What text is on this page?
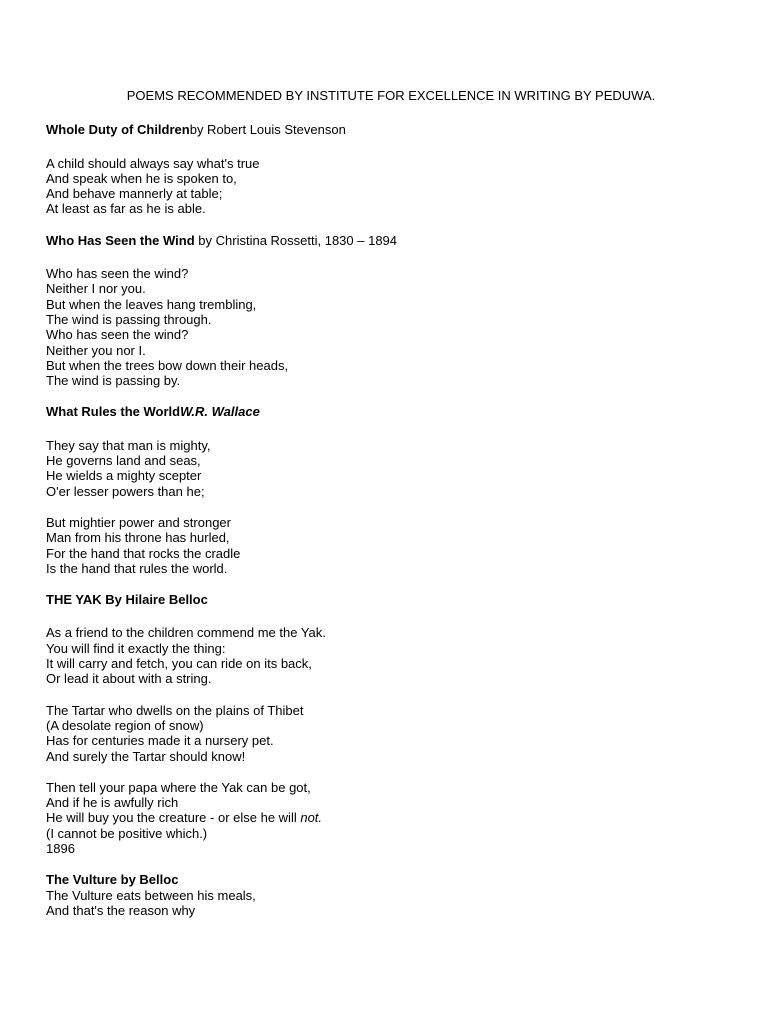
POEMS RECOMMENDED BY INSTITUTE FOR EXCELLENCE IN WRITING BY PEDUWA.
Whole Duty of Childrenby Robert Louis Stevenson
A child should always say what's true
And speak when he is spoken to,
And behave mannerly at table;
At least as far as he is able.
Who Has Seen the Wind by Christina Rossetti, 1830 – 1894
Who has seen the wind?
Neither I nor you.
But when the leaves hang trembling,
The wind is passing through.
Who has seen the wind?
Neither you nor I.
But when the trees bow down their heads,
The wind is passing by.
What Rules the WorldW.R. Wallace
They say that man is mighty,
He governs land and seas,
He wields a mighty scepter
O'er lesser powers than he;
But mightier power and stronger
Man from his throne has hurled,
For the hand that rocks the cradle
Is the hand that rules the world.
THE YAK By Hilaire Belloc
As a friend to the children commend me the Yak.
You will find it exactly the thing:
It will carry and fetch, you can ride on its back,
Or lead it about with a string.
The Tartar who dwells on the plains of Thibet
(A desolate region of snow)
Has for centuries made it a nursery pet.
And surely the Tartar should know!
Then tell your papa where the Yak can be got,
And if he is awfully rich
He will buy you the creature - or else he will not.
(I cannot be positive which.)
1896
The Vulture by Belloc
The Vulture eats between his meals,
And that's the reason why
